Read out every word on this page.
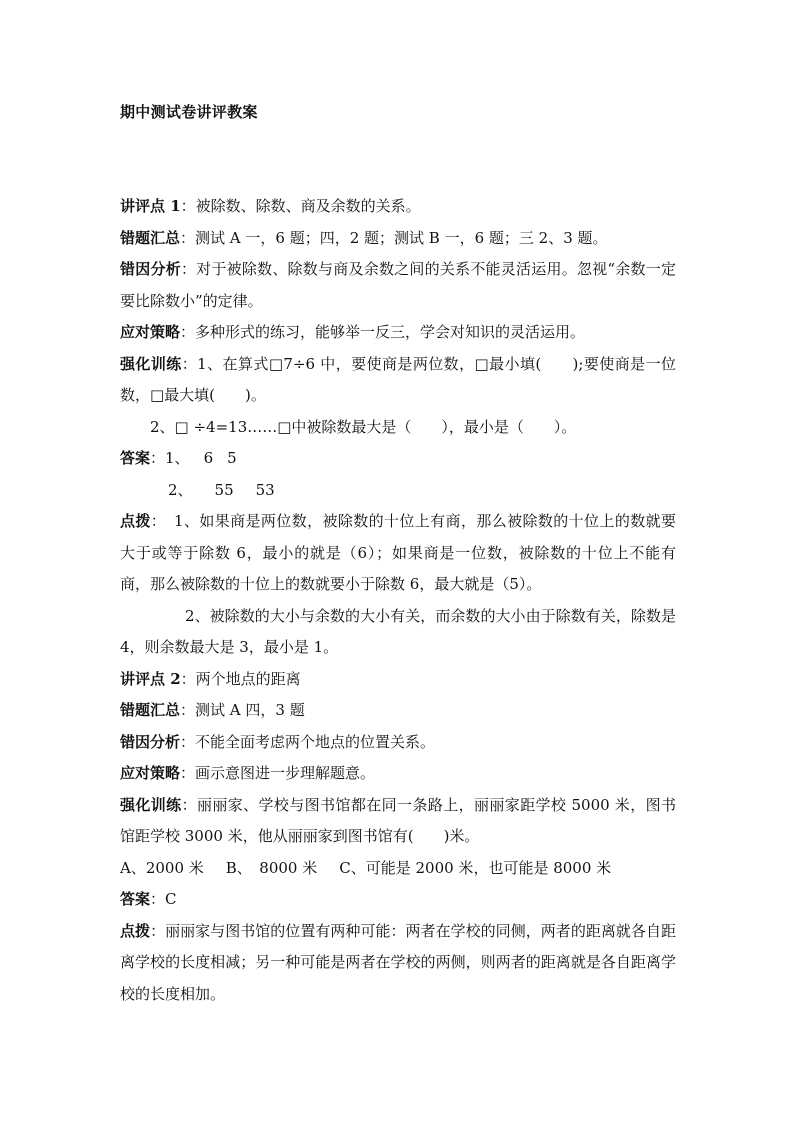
期中测试卷讲评教案

讲评点 1：被除数、除数、商及余数的关系。

错题汇总：测试 A 一，6 题；四，2 题；测试 B 一，6 题；三 2、3 题。

错因分析：对于被除数、除数与商及余数之间的关系不能灵活运用。忽视“余数一定要比除数小”的定律。

应对策略：多种形式的练习，能够举一反三，学会对知识的灵活运用。

强化训练：1、在算式□7÷6 中，要使商是两位数，□最小填(　　);要使商是一位数，□最大填(　　)。

2、□ ÷4=13……□中被除数最大是（　　），最小是（　　）。

答案：1、 6 5

2、 55 53

点拨：　1、如果商是两位数，被除数的十位上有商，那么被除数的十位上的数就要大于或等于除数 6，最小的就是（6）；如果商是一位数，被除数的十位上不能有商，那么被除数的十位上的数就要小于除数 6，最大就是（5）。

2、被除数的大小与余数的大小有关，而余数的大小由于除数有关，除数是 4，则余数最大是 3，最小是 1。

讲评点 2：两个地点的距离

错题汇总：测试 A 四，3 题

错因分析：不能全面考虑两个地点的位置关系。

应对策略：画示意图进一步理解题意。

强化训练：丽丽家、学校与图书馆都在同一条路上，丽丽家距学校 5000 米，图书馆距学校 3000 米，他从丽丽家到图书馆有(　　)米。

A、2000 米 B、　8000 米 C、可能是 2000 米，也可能是 8000 米

答案：C

点拨：丽丽家与图书馆的位置有两种可能：两者在学校的同侧，两者的距离就各自距离学校的长度相减；另一种可能是两者在学校的两侧，则两者的距离就是各自距离学校的长度相加。
